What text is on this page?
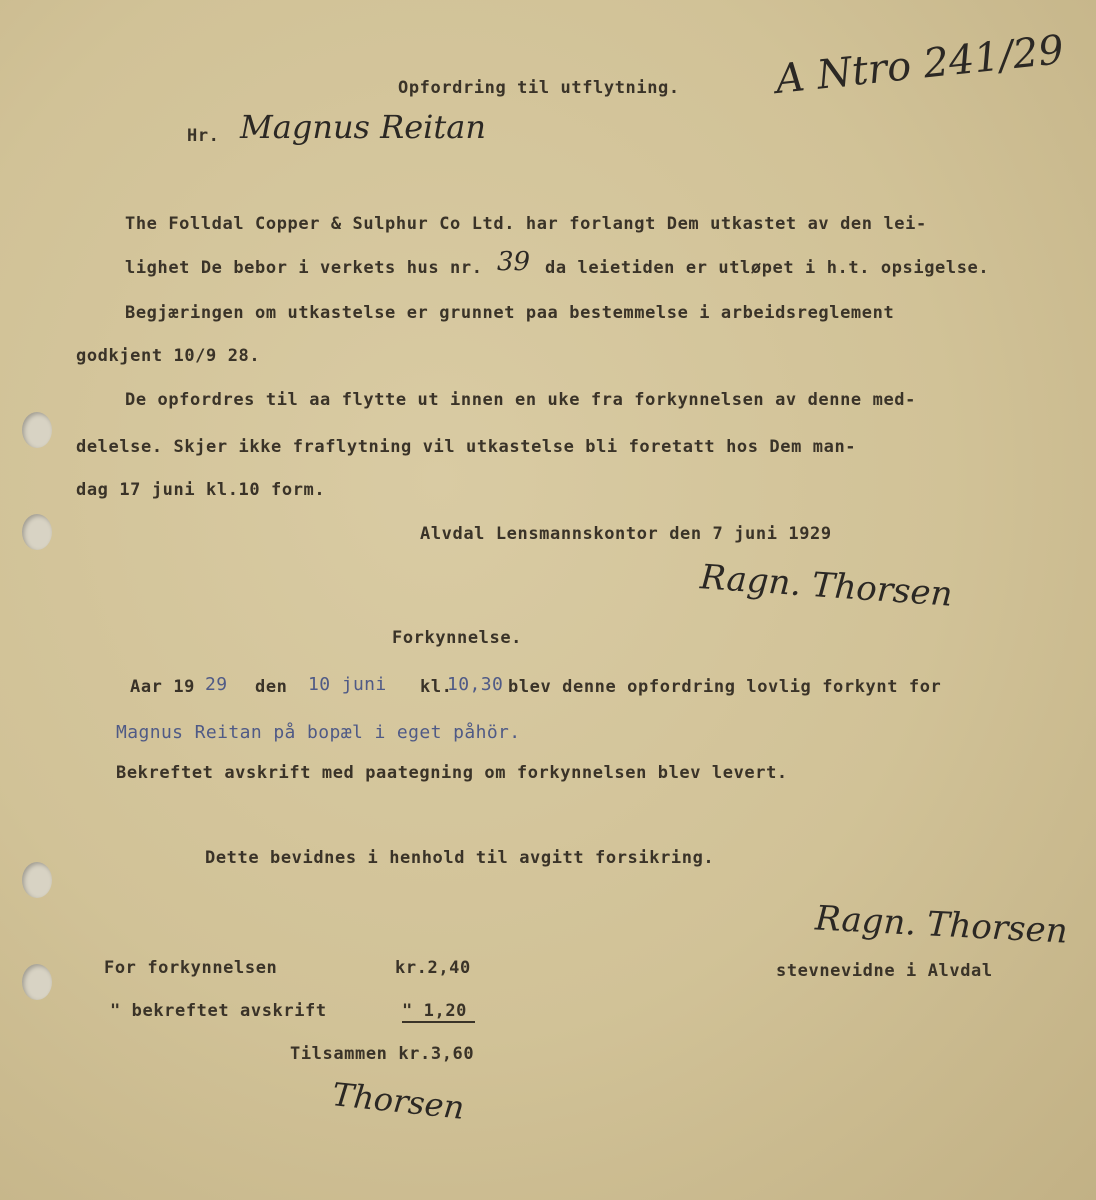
Opfordring til utflytning. A Ntro 241/29
Hr. Magnus Reitan
The Folldal Copper & Sulphur Co Ltd. har forlangt Dem utkastet av den lei-
lighet De bebor i verkets hus nr. 39 da leietiden er utløpet i h.t. opsigelse.
Begjæringen om utkastelse er grunnet paa bestemmelse i arbeidsreglement
godkjent 10/9 28.
De opfordres til aa flytte ut innen en uke fra forkynnelsen av denne med-
delelse. Skjer ikke fraflytning vil utkastelse bli foretatt hos Dem man-
dag 17 juni kl.10 form.
Alvdal Lensmannskontor den 7 juni 1929
Ragn. Thorsen
Forkynnelse.
Aar 19 29 den 10 juni kl.
10,30 blev denne opfordring lovlig forkynt for
Magnus Reitan på bopæl i eget påhör.
Bekreftet avskrift med paategning om forkynnelsen blev levert.
Dette bevidnes i henhold til avgitt forsikring.
Ragn. Thorsen
stevnevidne i Alvdal
For forkynnelsen	kr.2,40
" bekreftet avskrift	" 1,20
Tilsammen kr.3,60
Thorsen
